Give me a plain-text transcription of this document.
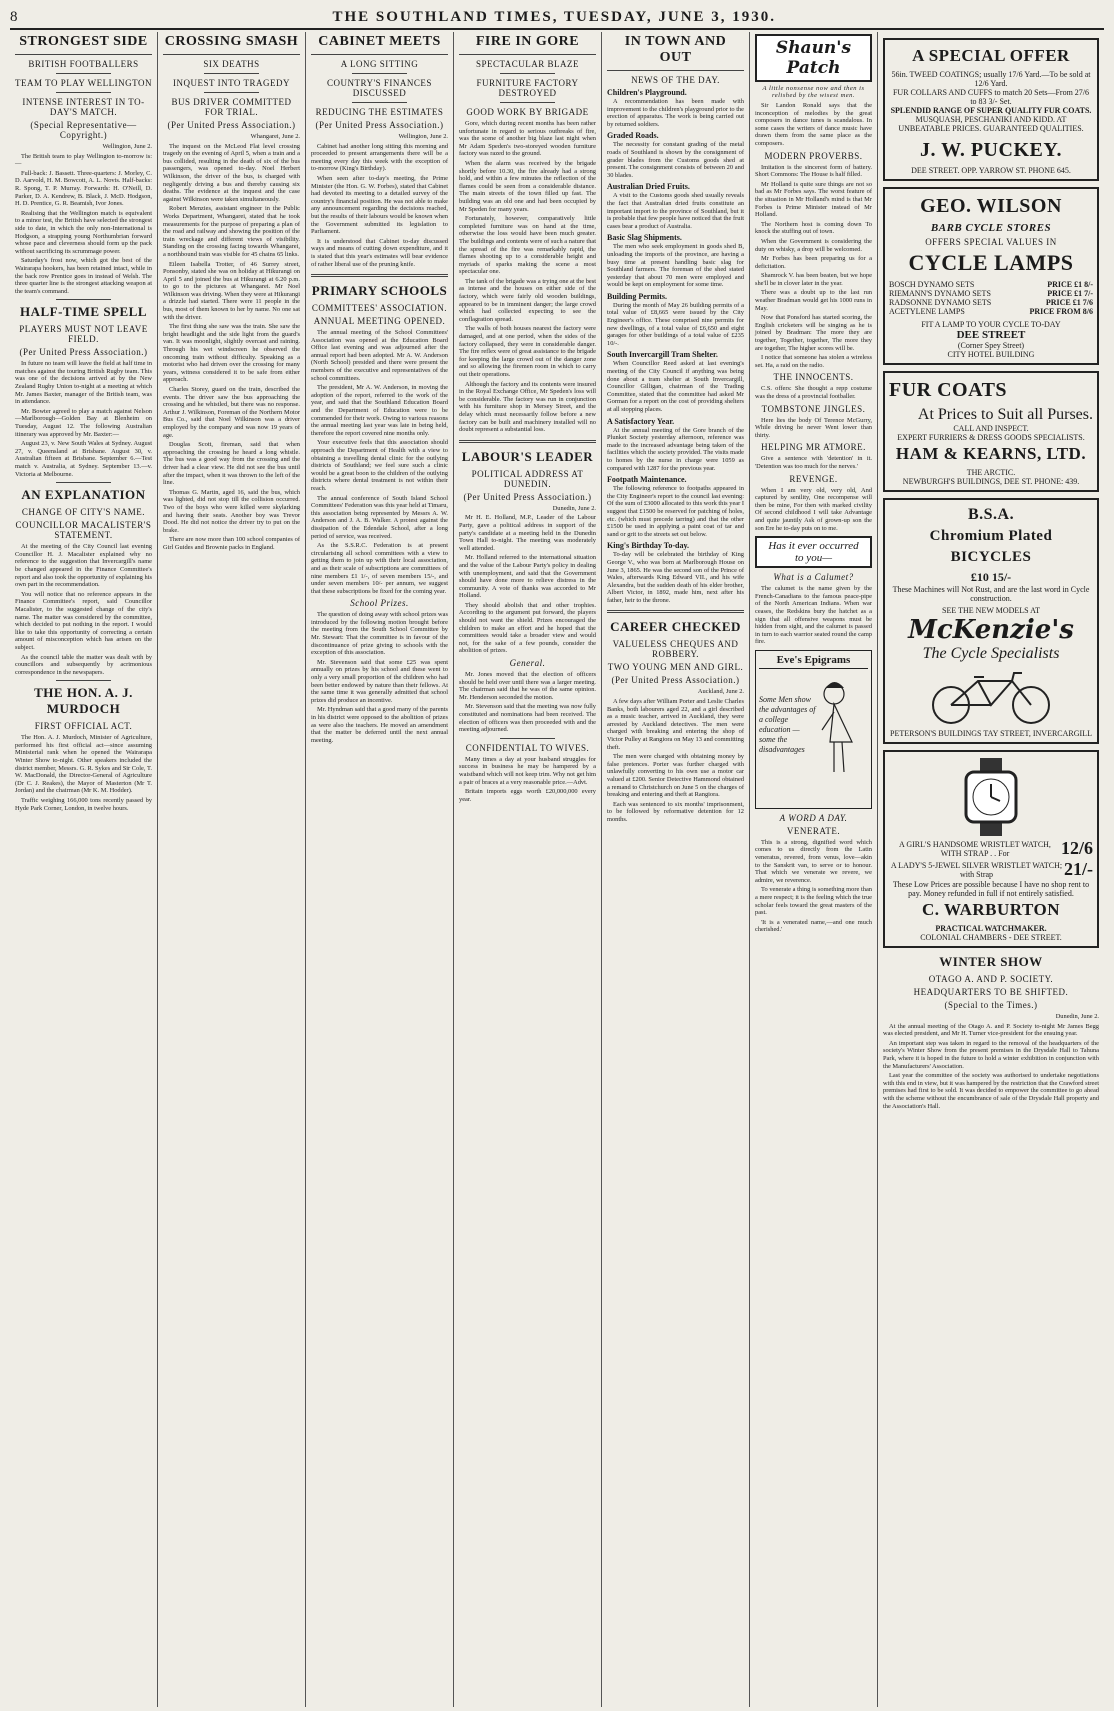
8	THE SOUTHLAND TIMES, TUESDAY, JUNE 3, 1930.
STRONGEST SIDE
BRITISH FOOTBALLERS
TEAM TO PLAY WELLINGTON
INTENSE INTEREST IN TO-DAY'S MATCH.
(Special Representative—Copyright.)

Wellington, June 2.

The British team to play Wellington to-morrow is:—

Full-back: J. Bassett. Three-quarters: J. Morley, C. D. Aarvold, H. M. Bowcott, A. L. Novis. Half-backs: R. Spong, T. P. Murray. Forwards: H. O'Neill, D. Parker, D. A. Kendrew, B. Black, J. McD. Hodgson, H. D. Prentice, G. R. Beamish, Ivor Jones.

Realising that the Wellington match is equivalent to a minor test, the British have selected the strongest side to date, in which the only non-International is Hodgson, a strapping young Northumbrian forward whose pace and cleverness should form up the pack without sacrificing its scrummage power.

Saturday's frost now, which got the best of the Wairarapa hookers, has been retained intact, while in the back row Prentice goes in instead of Welsh. The three quarter line is the strongest attacking weapon at the team's command.

HALF-TIME SPELL
PLAYERS MUST NOT LEAVE FIELD.
(Per United Press Association.)

In future no team will leave the field at half time in matches against the touring British Rugby team. This was one of the decisions arrived at by the New Zealand Rugby Union to-night at a meeting at which Mr. James Baxter, manager of the British team, was in attendance.

Mr. Bowter agreed to play a match against Nelson—Marlborough—Golden Bay at Blenheim on Tuesday, August 12. The following Australian itinerary was approved by Mr. Baxter:—

August 23, v. New South Wales at Sydney. August 27, v. Queensland at Brisbane. August 30, v. Australian fifteen at Brisbane. September 6.—Test match v. Australia, at Sydney. September 13.—v. Victoria at Melbourne.

AN EXPLANATION
CHANGE OF CITY'S NAME.
COUNCILLOR MACALISTER'S STATEMENT.

At the meeting of the City Council last evening Councillor H. J. Macalister explained why no reference to the suggestion that Invercargill's name be changed appeared in the Finance Committee's report and also took the opportunity of explaining his own part in the recommendation.

You will notice that no reference appears in the Finance Committee's report, said Councillor Macalister, to the suggested change of the city's name. The matter was considered by the committee, which decided to put nothing in the report. I would like to take this opportunity of correcting a certain amount of misconception which has arisen on the subject.

As the council table the matter was dealt with by councillors and subsequently by acrimonious correspondence in the newspapers.

THE HON. A. J. MURDOCH
FIRST OFFICIAL ACT.

The Hon. A. J. Murdoch, Minister of Agriculture, performed his first official act—since assuming Ministerial rank when he opened the Wairarapa Winter Show to-night. Other speakers included the district member, Messrs. G. R. Sykes and Sir Cole, T. W. MacDonald, the Director-General of Agriculture (Dr C. J. Reakes), the Mayor of Masterton (Mr T. Jordan) and the chairman (Mr K. M. Hodder).

Traffic weighing 166,000 tons recently passed by Hyde Park Corner, London, in twelve hours.

CROSSING SMASH
SIX DEATHS
INQUEST INTO TRAGEDY
BUS DRIVER COMMITTED FOR TRIAL.
(Per United Press Association.)

Whangarei, June 2.

The inquest on the McLeod Flat level crossing tragedy on the evening of April 5, when a train and a bus collided, resulting in the death of six of the bus passengers, was opened to-day. Noel Herbert Wilkinson, the driver of the bus, is charged with negligently driving a bus and thereby causing six deaths. The evidence at the inquest and the case against Wilkinson were taken simultaneously.

Robert Menzies, assistant engineer in the Public Works Department, Whangarei, stated that he took measurements for the purpose of preparing a plan of the road and railway and showing the position of the train wreckage and different views of visibility. Standing on the crossing facing towards Whangarei, a northbound train was visible for 45 chains 65 links.

Eileen Isabella Trotter, of 46 Surrey street, Ponsonby, stated she was on holiday at Hikurangi on April 5 and joined the bus at Hikurangi at 6.20 p.m. to go to the pictures at Whangarei. Mr Noel Wilkinson was driving. When they were at Hikurangi a drizzle had started. There were 11 people in the bus, most of them known to her by name. No one sat with the driver.

The first thing she saw was the train. She saw the bright headlight and the side light from the guard's van. It was moonlight, slightly overcast and raining. Through his wet windscreen he observed the oncoming train without difficulty. Speaking as a motorist who had driven over the crossing for many years, witness considered it to be safe from either approach.

Charles Storey, guard on the train, described the events. The driver saw the bus approaching the crossing and he whistled, but there was no response. Arthur J. Wilkinson, Foreman of the Northern Motor Bus Co., said that Noel Wilkinson was a driver employed by the company and was now 19 years of age.

Douglas Scott, fireman, said that when approaching the crossing he heard a long whistle. The bus was a good way from the crossing and the driver had a clear view. He did not see the bus until after the impact, when it was thrown to the left of the line.

Thomas G. Martin, aged 16, said the bus, which was lighted, did not stop till the collision occurred. Two of the boys who were killed were skylarking and having their seats. Another boy was Trevor Dood. He did not notice the driver try to put on the brake.

There are now more than 100 school companies of Girl Guides and Brownie packs in England.

CABINET MEETS
A LONG SITTING
COUNTRY'S FINANCES DISCUSSED
REDUCING THE ESTIMATES
(Per United Press Association.)

Wellington, June 2.

Cabinet had another long sitting this morning and proceeded to present arrangements there will be a meeting every day this week with the exception of to-morrow (King's Birthday).

When seen after to-day's meeting, the Prime Minister (the Hon. G. W. Forbes), stated that Cabinet had devoted its meeting to a detailed survey of the country's financial position. He was not able to make any announcement regarding the decisions reached, but the results of their labours would be known when the Government submitted its legislation to Parliament.

It is understood that Cabinet to-day discussed ways and means of cutting down expenditure, and it is stated that this year's estimates will bear evidence of rather liberal use of the pruning knife.

PRIMARY SCHOOLS
COMMITTEES' ASSOCIATION.
ANNUAL MEETING OPENED.

The annual meeting of the School Committees' Association was opened at the Education Board Office last evening and was adjourned after the annual report had been adopted. Mr A. W. Anderson (North School) presided and there were present the members of the executive and representatives of the school committees.

The president, Mr A. W. Anderson, in moving the adoption of the report, referred to the work of the year, and said that the Southland Education Board and the Department of Education were to be commended for their work. Owing to various reasons the annual meeting last year was late in being held, therefore the report covered nine months only.

Your executive feels that this association should approach the Department of Health with a view to obtaining a travelling dental clinic for the outlying districts of Southland; we feel sure such a clinic would be a great boon to the children of the outlying districts where dental treatment is not within their reach.

The annual conference of South Island School Committees' Federation was this year held at Timaru, this association being represented by Messrs A. W. Anderson and J. A. B. Walker. A protest against the dissipation of the Edendale School, after a long period of service, was received.

As the S.S.R.C. Federation is at present circularising all school committees with a view to getting them to join up with their local association, and as their scale of subscriptions are committees of nine members £1 1/-, of seven members 15/-, and under seven members 10/- per annum, we suggest that these subscriptions be fixed for the coming year.

School Prizes.

The question of doing away with school prizes was introduced by the following motion brought before the meeting from the South School Committee by Mr. Stewart: That the committee is in favour of the discontinuance of prize giving to schools with the exception of this association.

Mr. Stevenson said that some £25 was spent annually on prizes by his school and these went to only a very small proportion of the children who had been better endowed by nature than their fellows. At the same time it was generally admitted that school prizes did produce an incentive.

Mr. Hyndman said that a good many of the parents in his district were opposed to the abolition of prizes as were also the teachers. He moved an amendment that the matter be deferred until the next annual meeting.

FIRE IN GORE
SPECTACULAR BLAZE
FURNITURE FACTORY DESTROYED
GOOD WORK BY BRIGADE

Gore, which during recent months has been rather unfortunate in regard to serious outbreaks of fire, was the scene of another big blaze last night when Mr Adam Speden's two-storeyed wooden furniture factory was razed to the ground.

When the alarm was received by the brigade shortly before 10.30, the fire already had a strong hold, and within a few minutes the reflection of the flames could be seen from a considerable distance. The main streets of the town filled up fast. The building was an old one and had been occupied by Mr Speden for many years.

Fortunately, however, comparatively little completed furniture was on hand at the time, otherwise the loss would have been much greater. The buildings and contents were of such a nature that the spread of the fire was remarkably rapid, the flames shooting up to a considerable height and myriads of sparks making the scene a most spectacular one.

The tank of the brigade was a trying one at the best as intense and the houses on either side of the factory, which were fairly old wooden buildings, appeared to be in imminent danger; the large crowd which had collected expecting to see the conflagration spread.

The walls of both houses nearest the factory were damaged, and at one period, when the sides of the factory collapsed, they were in considerable danger. The fire reflex were of great assistance to the brigade for keeping the large crowd out of the danger zone and so allowing the firemen room in which to carry out their operations.

Although the factory and its contents were insured in the Royal Exchange Office, Mr Speden's loss will be considerable. The factory was run in conjunction with his furniture shop in Mersey Street, and the delay which must necessarily follow before a new factory can be built and machinery installed will no doubt represent a substantial loss.

LABOUR'S LEADER
POLITICAL ADDRESS AT DUNEDIN.
(Per United Press Association.)

Dunedin, June 2.

Mr H. E. Holland, M.P., Leader of the Labour Party, gave a political address in support of the party's candidate at a meeting held in the Dunedin Town Hall to-night. The meeting was moderately well attended.

Mr. Holland referred to the international situation and the value of the Labour Party's policy in dealing with unemployment, and said that the Government should have done more to relieve distress in the community. A vote of thanks was accorded to Mr Holland.

They should abolish that and other trophies. According to the argument put forward, the players should not want the shield. Prizes encouraged the children to make an effort and he hoped that the committees would take a broader view and would not, for the sake of a few pounds, consider the abolition of prizes.

General.

Mr. Jones moved that the election of officers should be held over until there was a larger meeting. The chairman said that he was of the same opinion. Mr. Henderson seconded the motion.

Mr. Stevenson said that the meeting was now fully constituted and nominations had been received. The election of officers was then proceeded with and the meeting adjourned.

CONFIDENTIAL TO WIVES.

Many times a day at your husband struggles for success in business he may be hampered by a waistband which will not keep trim. Why not get him a pair of braces at a very reasonable price.—Advt.

Britain imports eggs worth £20,000,000 every year.

IN TOWN AND OUT
NEWS OF THE DAY.
Children's Playground.

A recommendation has been made with improvement to the children's playground prior to the erection of apparatus. The work is being carried out by returned soldiers.

Graded Roads.

The necessity for constant grading of the metal roads of Southland is shown by the consignment of grader blades from the Customs goods shed at present. The consignment consists of between 20 and 30 blades.

Australian Dried Fruits.

A visit to the Customs goods shed usually reveals the fact that Australian dried fruits constitute an important import to the province of Southland, but it is probable that few people have noticed that the fruit cases bear a product of Australia.

Basic Slag Shipments.

The men who seek employment in goods shed B, unloading the imports of the province, are having a busy time at present handling basic slag for Southland farmers. The foreman of the shed stated yesterday that about 70 men were employed and would be kept on employment for some time.

Building Permits.

During the month of May 26 building permits of a total value of £8,665 were issued by the City Engineer's office. These comprised nine permits for new dwellings, of a total value of £6,650 and eight garages for other buildings of a total value of £235 10/-.

South Invercargill Tram Shelter.

When Councillor Reed asked at last evening's meeting of the City Council if anything was being done about a tram shelter at South Invercargill, Councillor Gilligan, chairman of the Trading Committee, stated that the committee had asked Mr Gorman for a report on the cost of providing shelters at all stopping places.

A Satisfactory Year.

At the annual meeting of the Gore branch of the Plunket Society yesterday afternoon, reference was made to the increased advantage being taken of the facilities which the society provided. The visits made to homes by the nurse in charge were 1059 as compared with 1287 for the previous year.

Footpath Maintenance.

The following reference to footpaths appeared in the City Engineer's report to the council last evening: Of the sum of £3000 allocated to this work this year I suggest that £1500 be reserved for patching of holes, etc. (which must precede tarring) and that the other £1500 be used in applying a paint coat of tar and sand or grit to the streets set out below.

King's Birthday To-day.

To-day will be celebrated the birthday of King George V., who was born at Marlborough House on June 3, 1865. He was the second son of the Prince of Wales, afterwards King Edward VII., and his wife Alexandra, but the sudden death of his elder brother, Albert Victor, in 1892, made him, next after his father, heir to the throne.

CAREER CHECKED
VALUELESS CHEQUES AND ROBBERY.
TWO YOUNG MEN AND GIRL.
(Per United Press Association.)

Auckland, June 2.

A few days after William Porter and Leslie Charles Banks, both labourers aged 22, and a girl described as a music teacher, arrived in Auckland, they were arrested by Auckland detectives. The men were charged with breaking and entering the shop of Victor Pulley at Rangiora on May 13 and committing theft.

The men were charged with obtaining money by false pretences. Porter was further charged with unlawfully converting to his own use a motor car valued at £200. Senior Detective Hammond obtained a remand to Christchurch on June 5 on the charges of breaking and entering and theft at Rangiora.

Each was sentenced to six months' imprisonment, to be followed by reformative detention for 12 months.

Shaun's Patch
A little nonsense now and then is relished by the wisest men.

Sir Landon Ronald says that the inconception of melodies by the great composers in dance tunes is scandalous. In some cases the writers of dance music have drawn them from the same place as the composers.

MODERN PROVERBS.

Imitation is the sincerest form of battery. Short Commons: The House is half filled.

Mr Holland is quite sure things are not so bad as Mr Forbes says. The worst feature of the situation in Mr Holland's mind is that Mr Forbes is Prime Minister instead of Mr Holland.

The Northern host is coming down To knock the stuffing out of town.

When the Government is considering the duty on whisky, a drop will be welcomed.

Mr Forbes has been preparing us for a deficitation.

Shamrock V. has been beaten, but we hope she'll be in clover later in the year.

There was a doubt up to the last run weather Bradman would get his 1000 runs in May.

Now that Ponsford has started scoring, the English cricketers will be singing as he is joined by Bradman: The more they are together, Together, together, The more they are together, The higher scores will be.

I notice that someone has stolen a wireless set. Ha, a raid on the radio.

THE INNOCENTS.

C.S. offers: She thought a repp costume was the dress of a provincial footballer.

TOMBSTONE JINGLES.

Here lies the body Of Terence McGurry, While driving he never Went lower than thirty.

HELPING MR ATMORE.

Give a sentence with 'detention' in it. 'Detention was too much for the nerves.'

REVENGE.

When I am very old, very old, And captured by senility, One recompense will then be mine, For then with marked civility Of second childhood I will take Advantage and quite jauntily Ask of grown-up son the son Ere he to-day puts on to me.

Has it ever occurred to you—
What is a Calumet?

The calumet is the name given by the French-Canadians to the famous peace-pipe of the North American Indians. When war ceases, the Redskins bury the hatchet as a sign that all offensive weapons must be hidden from sight, and the calumet is passed in turn to each warrior seated round the camp fire.

Eve's Epigrams
Some Men show the advantages of a college education — some the disadvantages
A WORD A DAY.
VENERATE.

This is a strong, dignified word which comes to us directly from the Latin veneratus, revered, from venus, love—akin to the Sanskrit van, to serve or to honour. That which we venerate we revere, we admire, we reverence.

To venerate a thing is something more than a mere respect; it is the feeling which the true scholar feels toward the great masters of the past.

'It is a venerated name,—and one much cherished.'

A SPECIAL OFFER
56in. TWEED COATINGS; usually 17/6 Yard.—To be sold at 12/6 Yard.
FUR COLLARS AND CUFFS to match 20 Sets—From 27/6 to 83 3/- Set.
SPLENDID RANGE OF SUPER QUALITY FUR COATS.
MUSQUASH, PESCHANIKI AND KIDD. AT UNBEATABLE PRICES. GUARANTEED QUALITIES.
J. W. PUCKEY.
DEE STREET. OPP. YARROW ST. PHONE 645.
GEO. WILSON
BARB CYCLE STORES
OFFERS SPECIAL VALUES IN
CYCLE LAMPS
BOSCH DYNAMO SETS	PRICE £1 8/-
RIEMANN'S DYNAMO SETS	PRICE £1 7/-
RADSONNE DYNAMO SETS	PRICE £1 7/6
ACETYLENE LAMPS	PRICE FROM 8/6
FIT A LAMP TO YOUR CYCLE TO-DAY
DEE STREET
(Corner Spey Street)
CITY HOTEL BUILDING
FUR COATS
At Prices to Suit all Purses.
CALL AND INSPECT.
EXPERT FURRIERS & DRESS GOODS SPECIALISTS.
HAM & KEARNS, LTD.
THE ARCTIC.
NEWBURGH'S BUILDINGS, DEE ST. PHONE: 439.
B.S.A.
Chromium Plated
BICYCLES
£10 15/-
These Machines will Not Rust, and are the last word in Cycle construction.
SEE THE NEW MODELS AT
McKenzie's
The Cycle Specialists
PETERSON'S BUILDINGS TAY STREET, INVERCARGILL
A GIRL'S HANDSOME WRISTLET WATCH, WITH STRAP . . For	12/6
A LADY'S 5-JEWEL SILVER WRISTLET WATCH; with Strap	21/-
These Low Prices are possible because I have no shop rent to pay. Money refunded in full if not entirely satisfied.
C. WARBURTON
PRACTICAL WATCHMAKER.
COLONIAL CHAMBERS - DEE STREET.
WINTER SHOW
OTAGO A. AND P. SOCIETY.
HEADQUARTERS TO BE SHIFTED.
(Special to the Times.)

Dunedin, June 2.

At the annual meeting of the Otago A. and P. Society to-night Mr James Begg was elected president, and Mr H. Turner vice-president for the ensuing year.

An important step was taken in regard to the removal of the headquarters of the society's Winter Show from the present premises in the Drysdale Hall to Tahuna Park, where it is hoped in the future to hold a winter exhibition in conjunction with the Manufacturers' Association.

Last year the committee of the society was authorised to undertake negotiations with this end in view, but it was hampered by the restriction that the Crawford street premises had first to be sold. It was decided to empower the committee to go ahead with the scheme without the encumbrance of sale of the Drysdale Hall property and the Association's Hall.
